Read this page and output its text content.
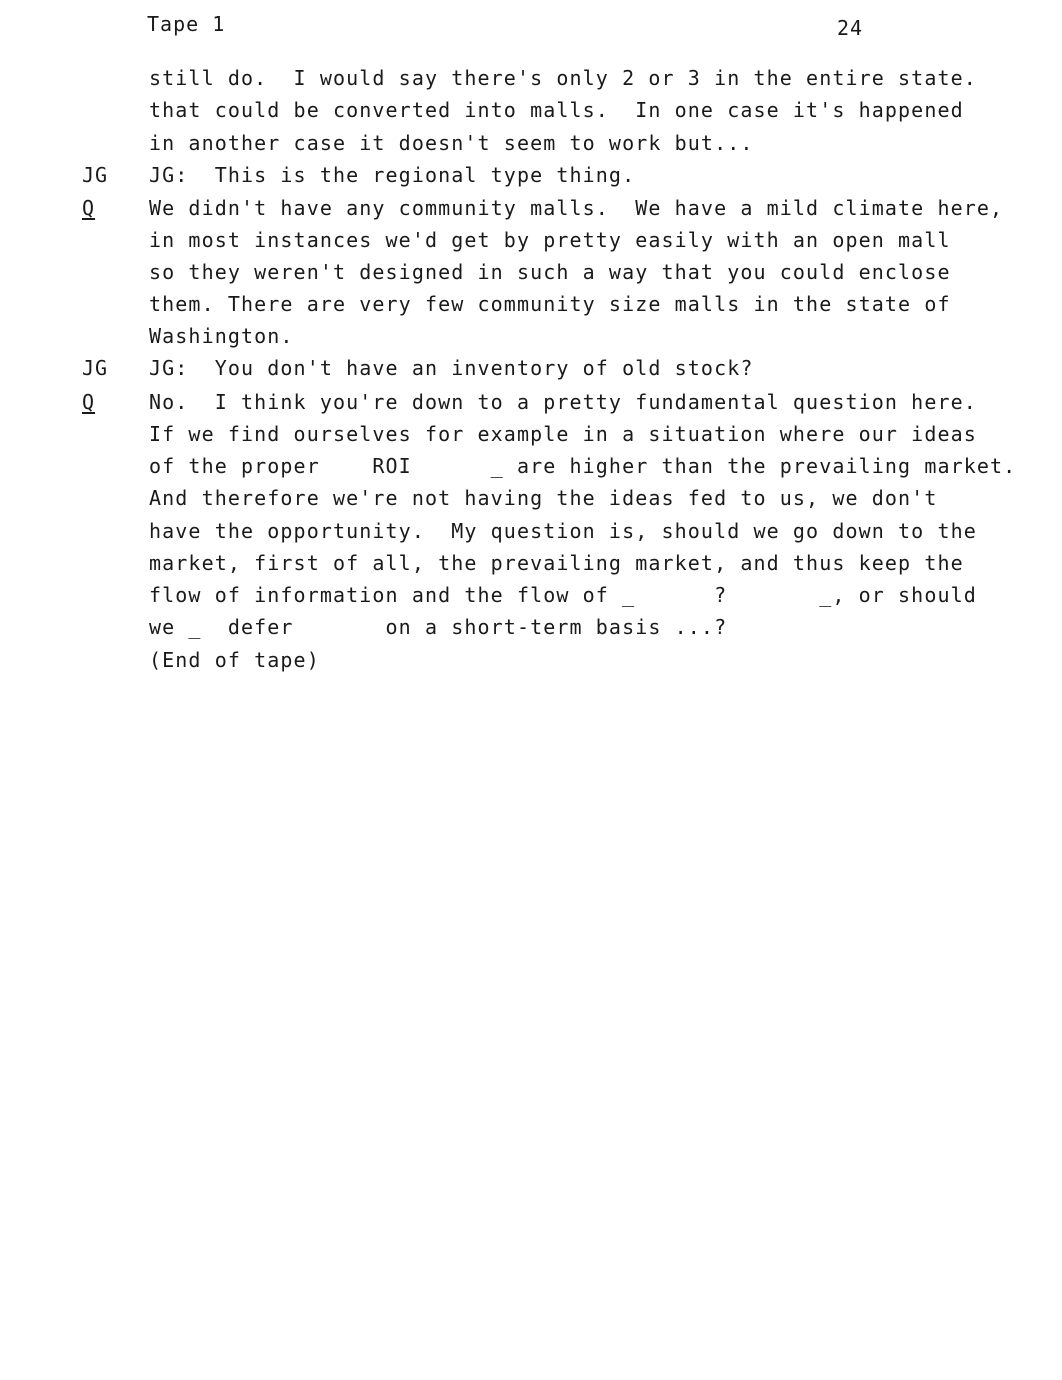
Tape 1	24
still do.  I would say there's only 2 or 3 in the entire state.
that could be converted into malls.  In one case it's happened
in another case it doesn't seem to work but...
JG JG:  This is the regional type thing.
Q	We didn't have any community malls.  We have a mild climate here,
in most instances we'd get by pretty easily with an open mall
so they weren't designed in such a way that you could enclose
them. There are very few community size malls in the state of
Washington.
JG JG:  You don't have an inventory of old stock?
Q	No.  I think you're down to a pretty fundamental question here.
If we find ourselves for example in a situation where our ideas
of the proper    ROI      _ are higher than the prevailing market.
And therefore we're not having the ideas fed to us, we don't
have the opportunity.  My question is, should we go down to the
market, first of all, the prevailing market, and thus keep the
flow of information and the flow of _      ?       _, or should
we _  defer       on a short-term basis ...?
(End of tape)
